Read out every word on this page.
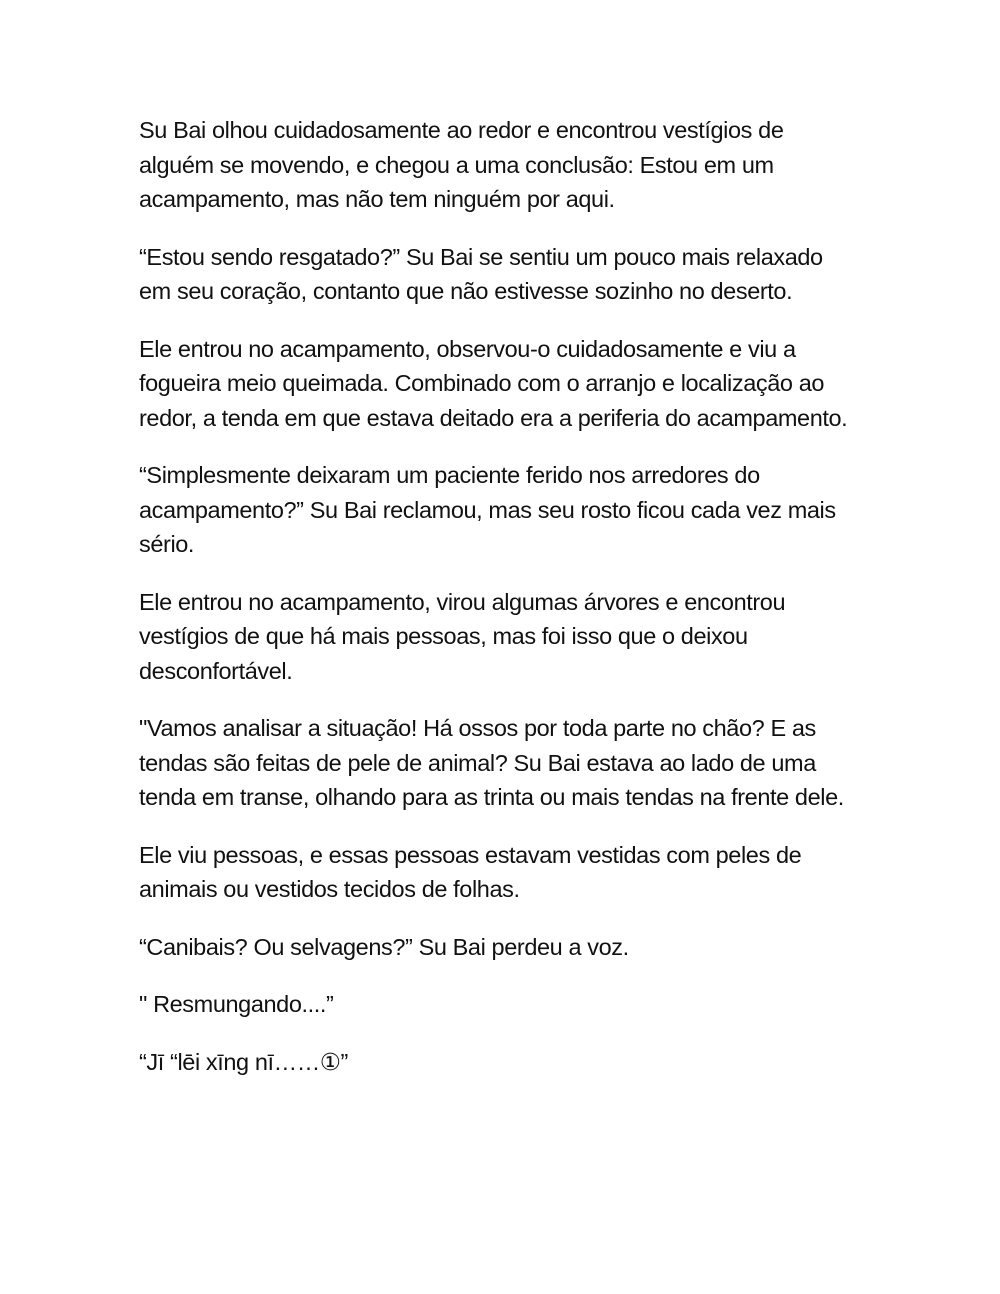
Su Bai olhou cuidadosamente ao redor e encontrou vestígios de alguém se movendo, e chegou a uma conclusão: Estou em um acampamento, mas não tem ninguém por aqui.

“Estou sendo resgatado?” Su Bai se sentiu um pouco mais relaxado em seu coração, contanto que não estivesse sozinho no deserto.

Ele entrou no acampamento, observou-o cuidadosamente e viu a fogueira meio queimada. Combinado com o arranjo e localização ao redor, a tenda em que estava deitado era a periferia do acampamento.

“Simplesmente deixaram um paciente ferido nos arredores do acampamento?” Su Bai reclamou, mas seu rosto ficou cada vez mais sério.

Ele entrou no acampamento, virou algumas árvores e encontrou vestígios de que há mais pessoas, mas foi isso que o deixou desconfortável.

"Vamos analisar a situação! Há ossos por toda parte no chão? E as tendas são feitas de pele de animal? Su Bai estava ao lado de uma tenda em transe, olhando para as trinta ou mais tendas na frente dele.

Ele viu pessoas, e essas pessoas estavam vestidas com peles de animais ou vestidos tecidos de folhas.

“Canibais? Ou selvagens?” Su Bai perdeu a voz.

" Resmungando....”

“Jī “lēi xīng nī……①”
